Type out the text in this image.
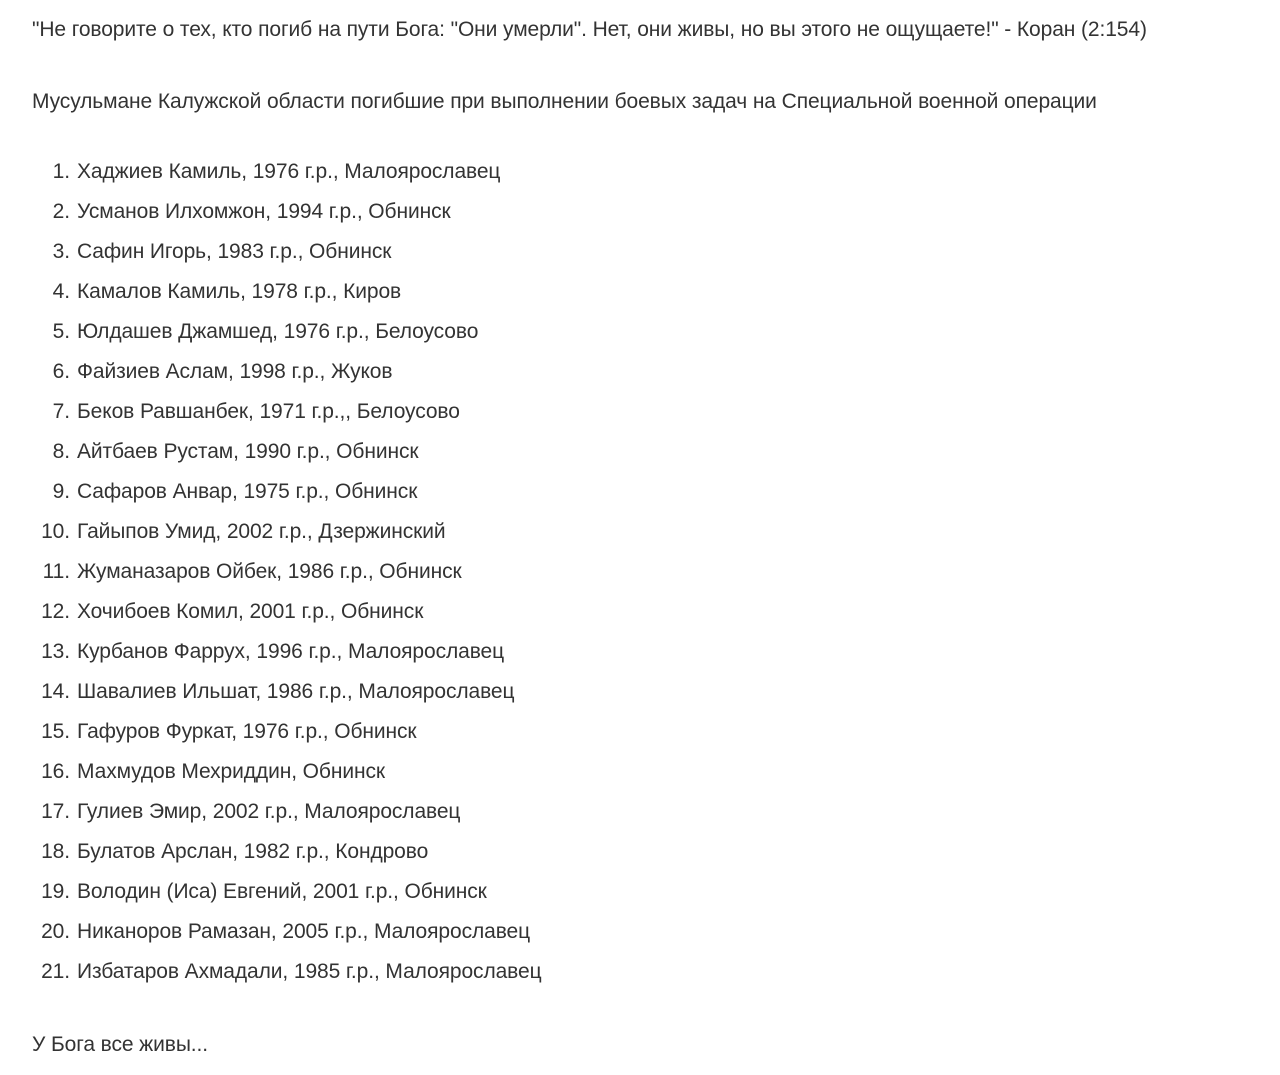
"Не говорите о тех, кто погиб на пути Бога: "Они умерли". Нет, они живы, но вы этого не ощущаете!" - Коран (2:154)
Мусульмане Калужской области погибшие при выполнении боевых задач на Специальной военной операции
1. Хаджиев Камиль, 1976 г.р., Малоярославец
2. Усманов Илхомжон, 1994 г.р., Обнинск
3. Сафин Игорь, 1983 г.р., Обнинск
4. Камалов Камиль, 1978 г.р., Киров
5. Юлдашев Джамшед, 1976 г.р., Белоусово
6. Файзиев Аслам, 1998 г.р., Жуков
7. Беков Равшанбек, 1971 г.р.,, Белоусово
8. Айтбаев Рустам, 1990 г.р., Обнинск
9. Сафаров Анвар, 1975 г.р., Обнинск
10. Гайыпов Умид, 2002 г.р., Дзержинский
11. Жуманазаров Ойбек, 1986 г.р., Обнинск
12. Хочибоев Комил, 2001 г.р., Обнинск
13. Курбанов Фаррух, 1996 г.р., Малоярославец
14. Шавалиев Ильшат, 1986 г.р., Малоярославец
15. Гафуров Фуркат, 1976 г.р., Обнинск
16. Махмудов Мехриддин, Обнинск
17. Гулиев Эмир, 2002 г.р., Малоярославец
18. Булатов Арслан, 1982 г.р., Кондрово
19. Володин (Иса) Евгений, 2001 г.р., Обнинск
20. Никаноров Рамазан, 2005 г.р., Малоярославец
21. Избатаров Ахмадали, 1985 г.р., Малоярославец
У Бога все живы...
